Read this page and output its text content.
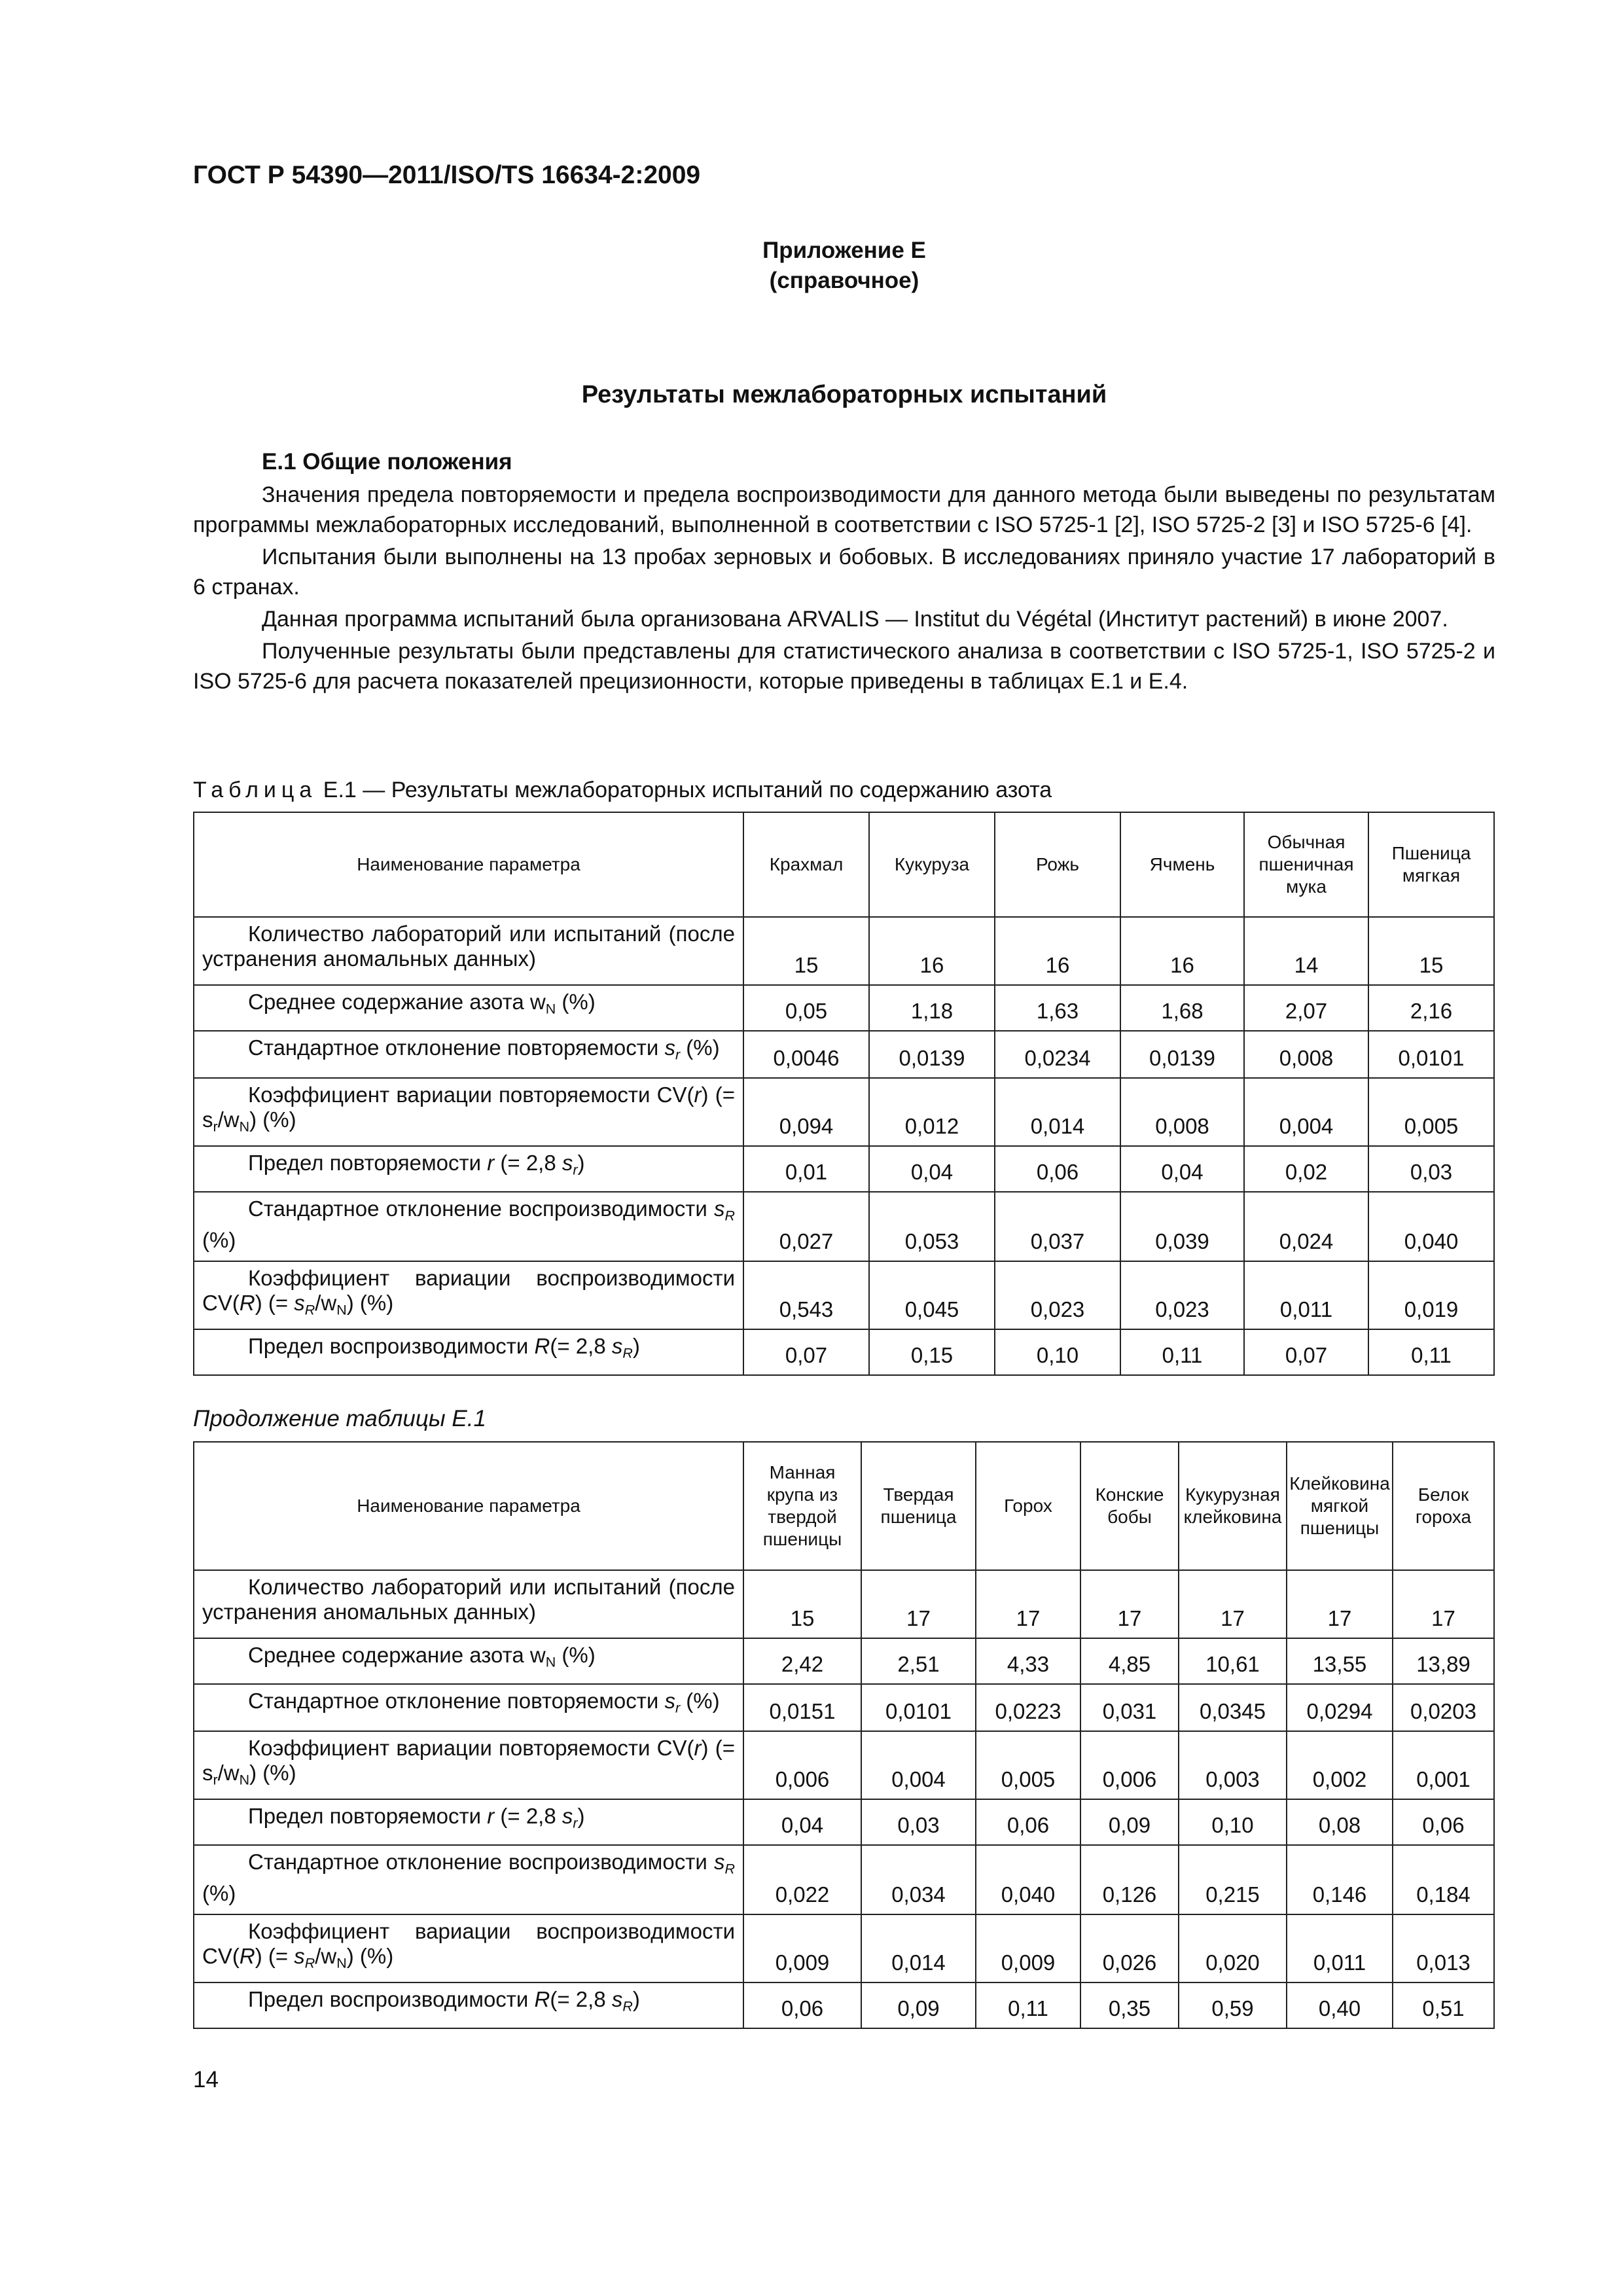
ГОСТ Р 54390—2011/ISO/TS 16634-2:2009
Приложение Е
(справочное)
Результаты межлабораторных испытаний
Е.1 Общие положения

Значения предела повторяемости и предела воспроизводимости для данного метода были выведены по результатам программы межлабораторных исследований, выполненной в соответствии с ISO 5725-1 [2], ISO 5725-2 [3] и ISO 5725-6 [4].

Испытания были выполнены на 13 пробах зерновых и бобовых. В исследованиях приняло участие 17 лабораторий в 6 странах.

Данная программа испытаний была организована ARVALIS — Institut du Végétal (Институт растений) в июне 2007.

Полученные результаты были представлены для статистического анализа в соответствии с ISO 5725-1, ISO 5725-2 и ISO 5725-6 для расчета показателей прецизионности, которые приведены в таблицах Е.1 и Е.4.

Таблица Е.1 — Результаты межлабораторных испытаний по содержанию азота
Наименование параметра	Крахмал	Кукуруза	Рожь	Ячмень	Обычная пшеничная мука	Пшеница мягкая
Количество лабораторий или испытаний (после устранения аномальных данных)	15	16	16	16	14	15
Среднее содержание азота $w_N$ (%)	0,05	1,18	1,63	1,68	2,07	2,16
Стандартное отклонение повторяемости $s_r$ (%)	0,0046	0,0139	0,0234	0,0139	0,008	0,0101
Коэффициент вариации повторяемости CV(r) (= $s_r/w_N$) (%)	0,094	0,012	0,014	0,008	0,004	0,005
Предел повторяемости r (= 2,8 $s_r$)	0,01	0,04	0,06	0,04	0,02	0,03
Стандартное отклонение воспроизводимости $s_R$ (%)	0,027	0,053	0,037	0,039	0,024	0,040
Коэффициент вариации воспроизводимости CV(R) (= $s_R/w_N$) (%)	0,543	0,045	0,023	0,023	0,011	0,019
Предел воспроизводимости R(= 2,8 $s_R$)	0,07	0,15	0,10	0,11	0,07	0,11
Продолжение таблицы Е.1
Наименование параметра	Манная крупа из твердой пшеницы	Твердая пшеница	Горох	Конские бобы	Кукурузная клейковина	Клейковина мягкой пшеницы	Белок гороха
Количество лабораторий или испытаний (после устранения аномальных данных)	15	17	17	17	17	17	17
Среднее содержание азота $w_N$ (%)	2,42	2,51	4,33	4,85	10,61	13,55	13,89
Стандартное отклонение повторяемости $s_r$ (%)	0,0151	0,0101	0,0223	0,031	0,0345	0,0294	0,0203
Коэффициент вариации повторяемости CV(r) (= $s_r/w_N$) (%)	0,006	0,004	0,005	0,006	0,003	0,002	0,001
Предел повторяемости r (= 2,8 $s_r$)	0,04	0,03	0,06	0,09	0,10	0,08	0,06
Стандартное отклонение воспроизводимости $s_R$ (%)	0,022	0,034	0,040	0,126	0,215	0,146	0,184
Коэффициент вариации воспроизводимости CV(R) (= $s_R/w_N$) (%)	0,009	0,014	0,009	0,026	0,020	0,011	0,013
Предел воспроизводимости R(= 2,8 $s_R$)	0,06	0,09	0,11	0,35	0,59	0,40	0,51
14
